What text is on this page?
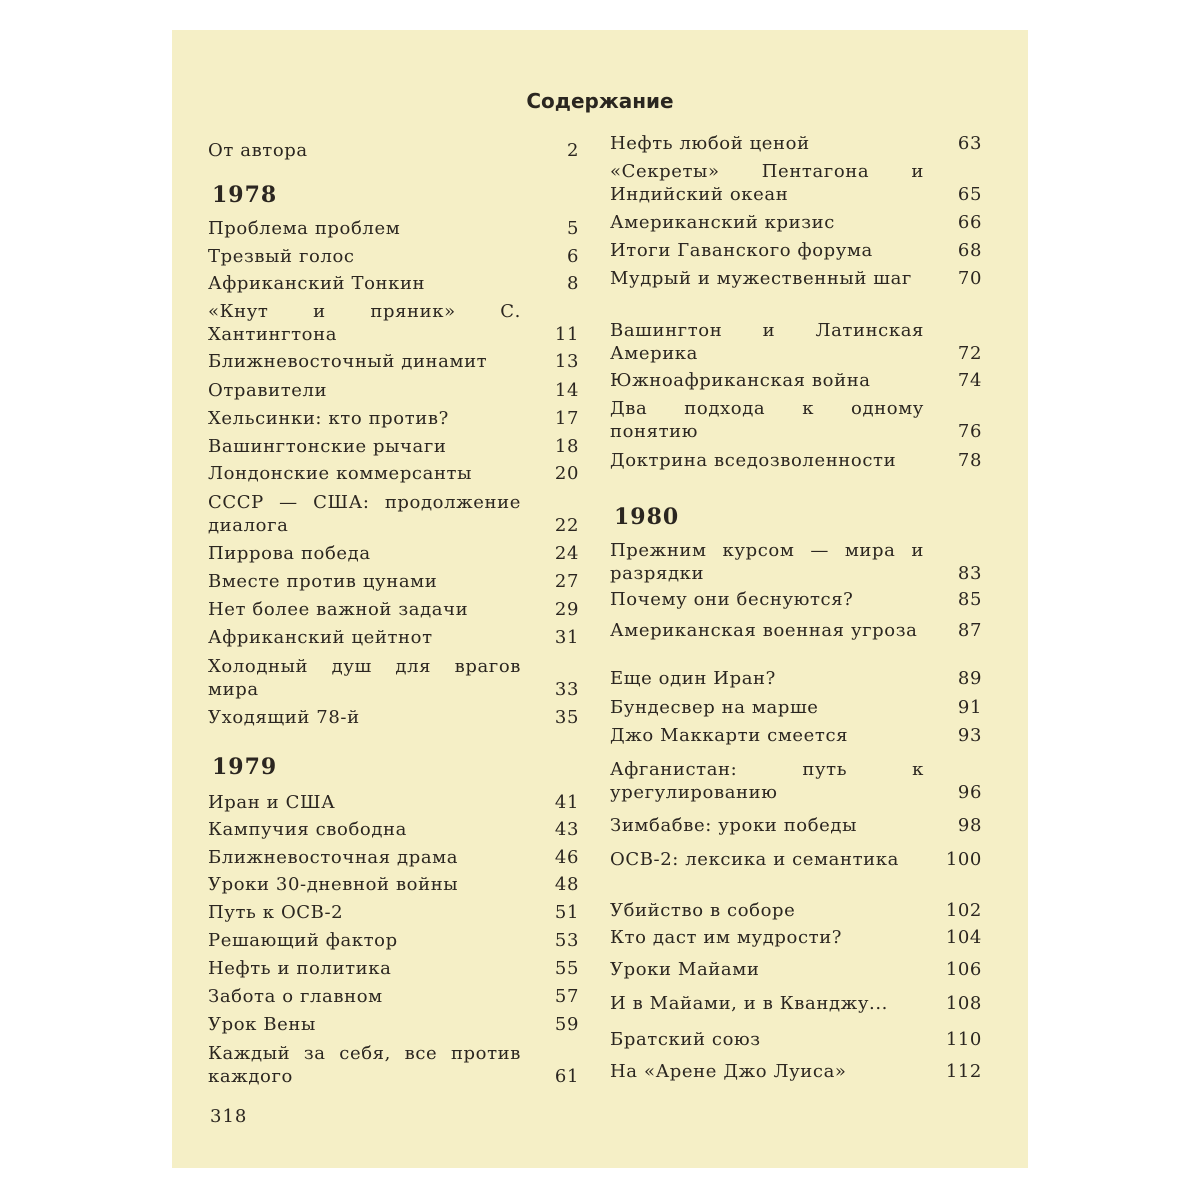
Содержание
От автора	2
1978
Проблема проблем	5
Трезвый голос	6
Африканский Тонкин	8
«Кнут и пряник» С. Хантингтона	11
Ближневосточный динамит	13
Отравители	14
Хельсинки: кто против?	17
Вашингтонские рычаги	18
Лондонские коммерсанты	20
СССР — США: продолжение диалога	22
Пиррова победа	24
Вместе против цунами	27
Нет более важной задачи	29
Африканский цейтнот	31
Холодный душ для врагов мира	33
Уходящий 78-й	35
1979
Иран и США	41
Кампучия свободна	43
Ближневосточная драма	46
Уроки 30-дневной войны	48
Путь к ОСВ-2	51
Решающий фактор	53
Нефть и политика	55
Забота о главном	57
Урок Вены	59
Каждый за себя, все против каждого	61
Нефть любой ценой	63
«Секреты» Пентагона и Индийский океан	65
Американский кризис	66
Итоги Гаванского форума	68
Мудрый и мужественный шаг	70
Вашингтон и Латинская Америка	72
Южноафриканская война	74
Два подхода к одному понятию	76
Доктрина вседозволенности	78
1980
Прежним курсом — мира и разрядки	83
Почему они беснуются?	85
Американская военная угроза	87
Еще один Иран?	89
Бундесвер на марше	91
Джо Маккарти смеется	93
Афганистан: путь к урегулированию	96
Зимбабве: уроки победы	98
ОСВ-2: лексика и семантика	100
Убийство в соборе	102
Кто даст им мудрости?	104
Уроки Майами	106
И в Майами, и в Кванджу...	108
Братский союз	110
На «Арене Джо Луиса»	112
318
